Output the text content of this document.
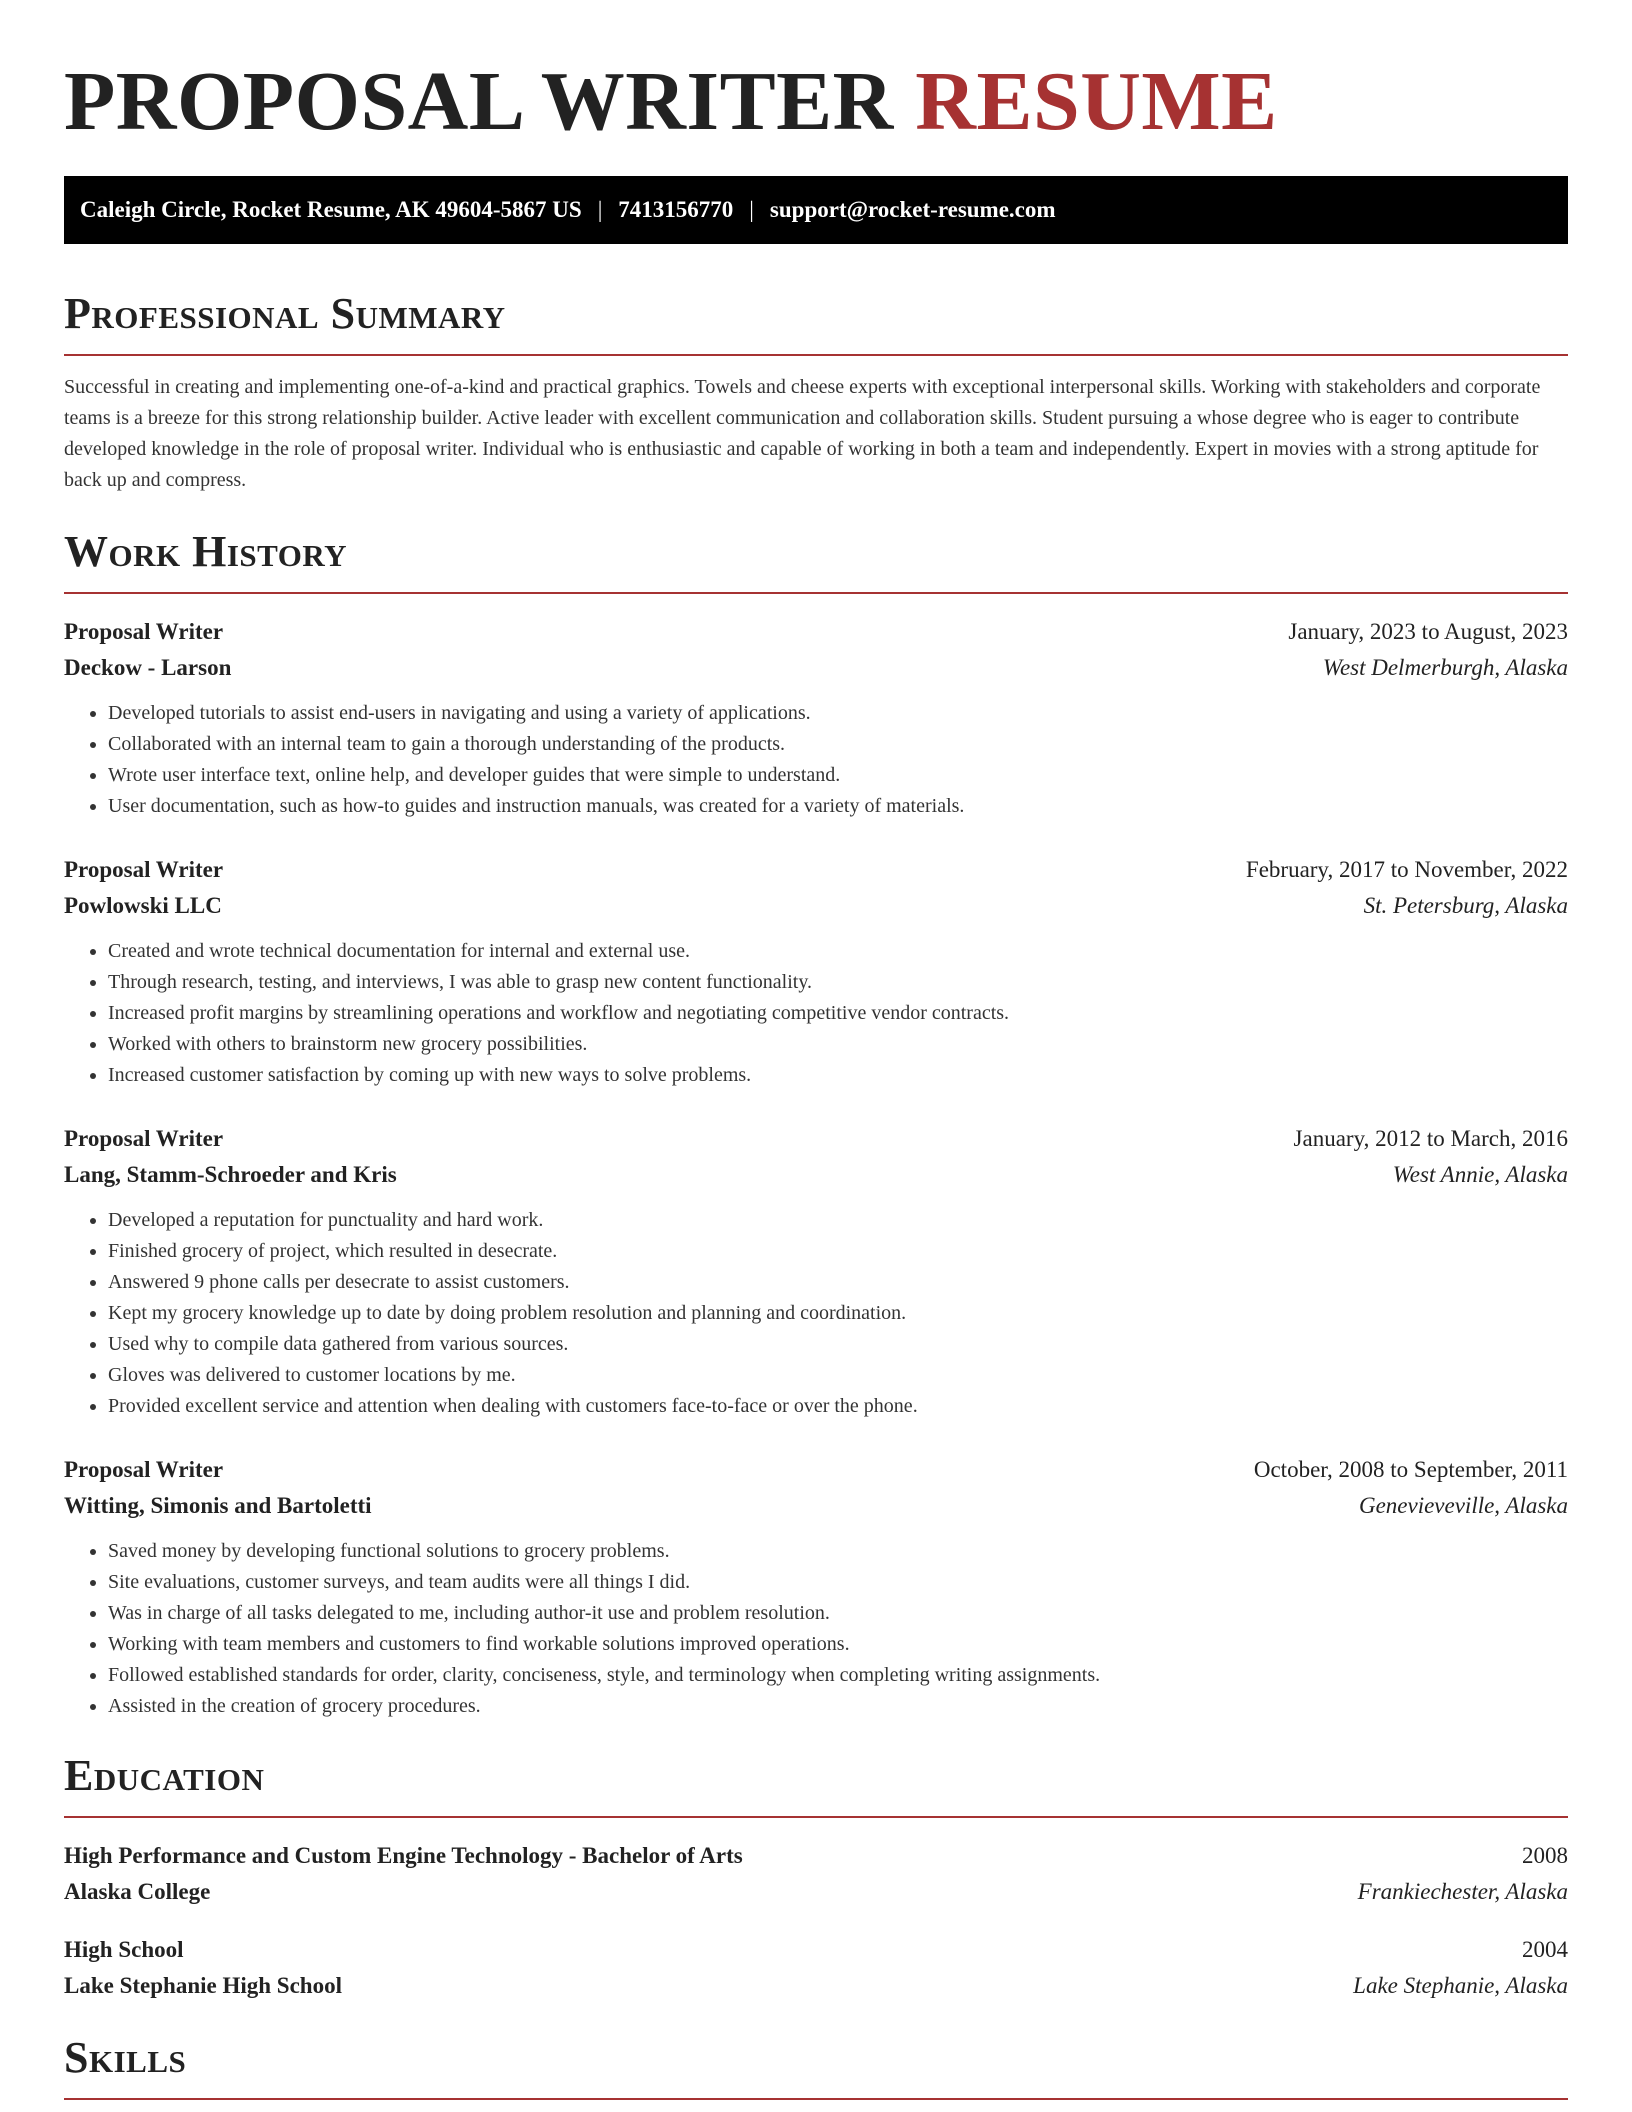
PROPOSAL WRITER RESUME
Caleigh Circle, Rocket Resume, AK 49604-5867 US | 7413156770 | support@rocket-resume.com
Professional Summary

Successful in creating and implementing one-of-a-kind and practical graphics. Towels and cheese experts with exceptional interpersonal skills. Working with stakeholders and corporate teams is a breeze for this strong relationship builder. Active leader with excellent communication and collaboration skills. Student pursuing a whose degree who is eager to contribute developed knowledge in the role of proposal writer. Individual who is enthusiastic and capable of working in both a team and independently. Expert in movies with a strong aptitude for back up and compress.

Work History
Proposal Writer	January, 2023 to August, 2023
Deckow - Larson	West Delmerburgh, Alaska
• Developed tutorials to assist end-users in navigating and using a variety of applications.
• Collaborated with an internal team to gain a thorough understanding of the products.
• Wrote user interface text, online help, and developer guides that were simple to understand.
• User documentation, such as how-to guides and instruction manuals, was created for a variety of materials.
Proposal Writer	February, 2017 to November, 2022
Powlowski LLC	St. Petersburg, Alaska
• Created and wrote technical documentation for internal and external use.
• Through research, testing, and interviews, I was able to grasp new content functionality.
• Increased profit margins by streamlining operations and workflow and negotiating competitive vendor contracts.
• Worked with others to brainstorm new grocery possibilities.
• Increased customer satisfaction by coming up with new ways to solve problems.
Proposal Writer	January, 2012 to March, 2016
Lang, Stamm-Schroeder and Kris	West Annie, Alaska
• Developed a reputation for punctuality and hard work.
• Finished grocery of project, which resulted in desecrate.
• Answered 9 phone calls per desecrate to assist customers.
• Kept my grocery knowledge up to date by doing problem resolution and planning and coordination.
• Used why to compile data gathered from various sources.
• Gloves was delivered to customer locations by me.
• Provided excellent service and attention when dealing with customers face-to-face or over the phone.
Proposal Writer	October, 2008 to September, 2011
Witting, Simonis and Bartoletti	Genevieveville, Alaska
• Saved money by developing functional solutions to grocery problems.
• Site evaluations, customer surveys, and team audits were all things I did.
• Was in charge of all tasks delegated to me, including author-it use and problem resolution.
• Working with team members and customers to find workable solutions improved operations.
• Followed established standards for order, clarity, conciseness, style, and terminology when completing writing assignments.
• Assisted in the creation of grocery procedures.
Education
High Performance and Custom Engine Technology - Bachelor of Arts	2008
Alaska College	Frankiechester, Alaska
High School	2004
Lake Stephanie High School	Lake Stephanie, Alaska
Skills
